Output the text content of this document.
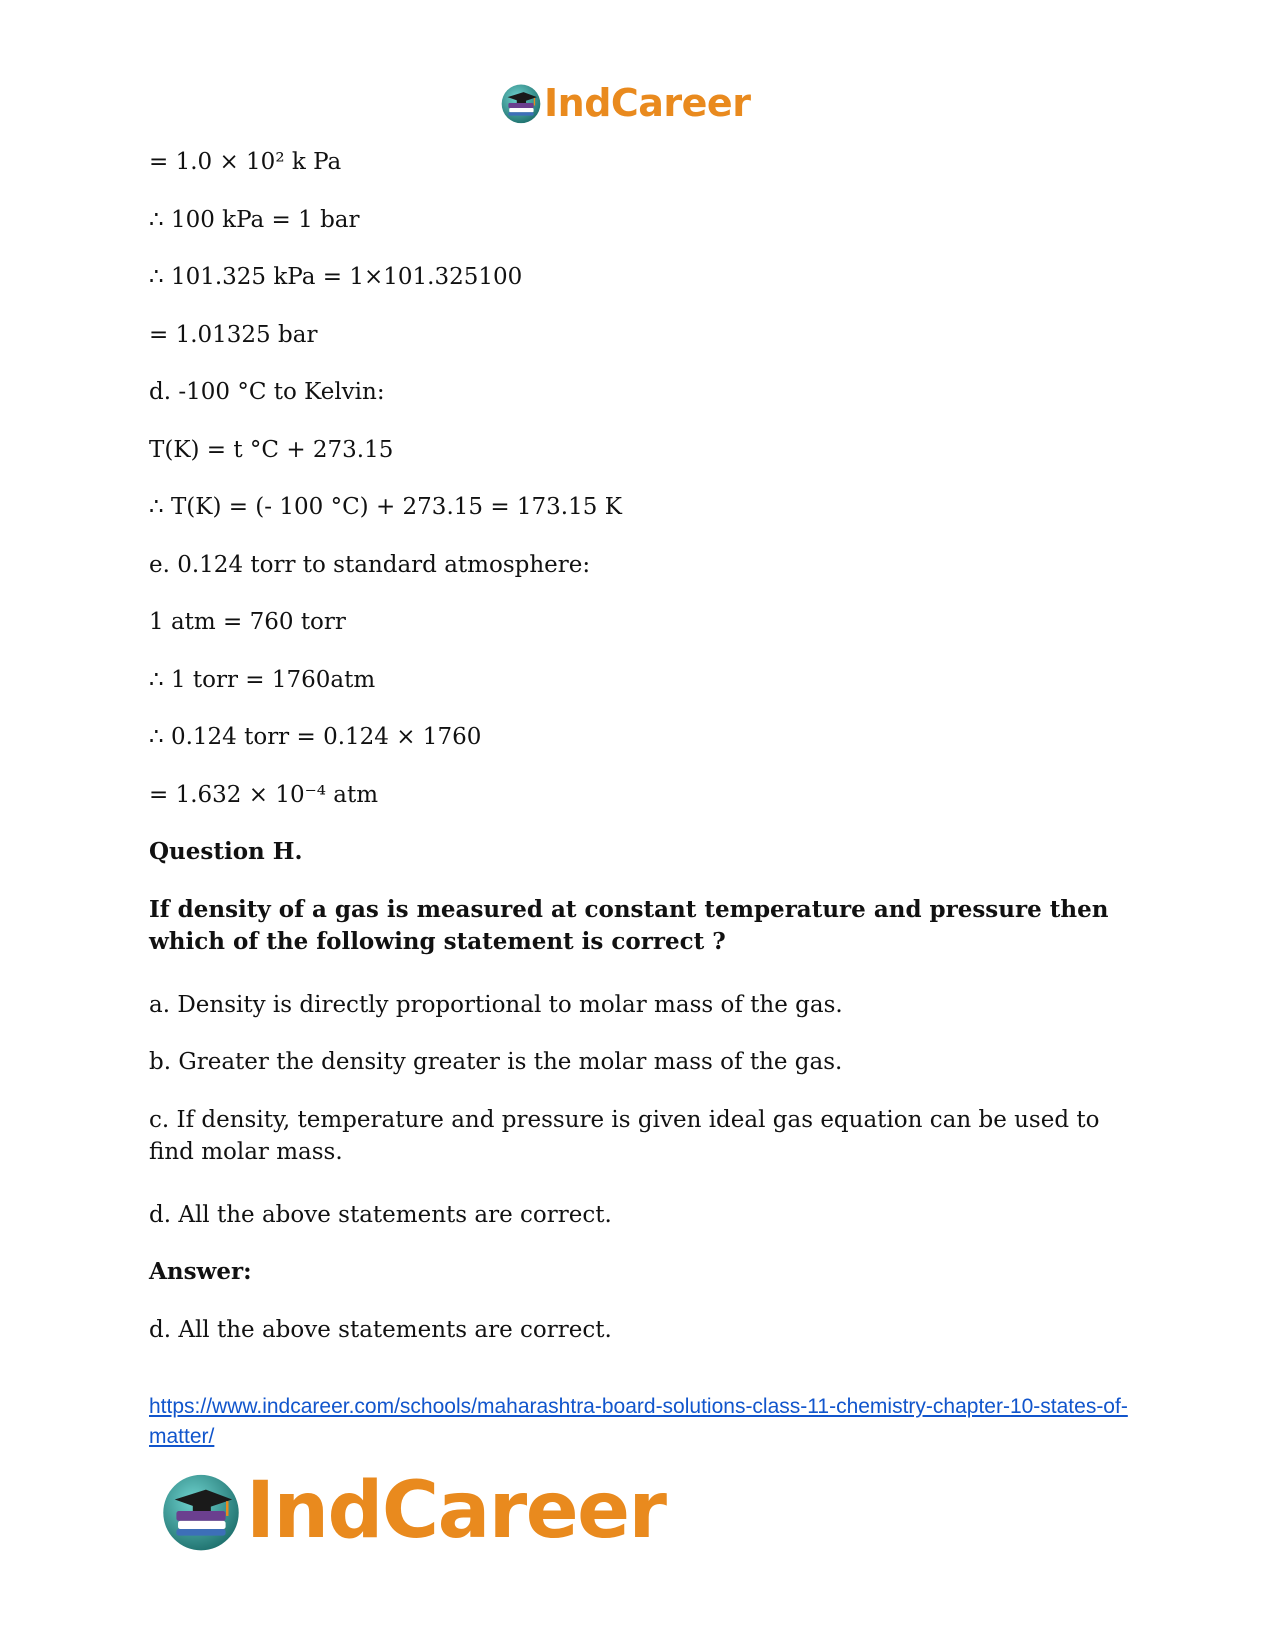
IndCareer

= 1.0 × 10² k Pa

∴ 100 kPa = 1 bar

∴ 101.325 kPa = 1×101.325100

= 1.01325 bar

d. -100 °C to Kelvin:

T(K) = t °C + 273.15

∴ T(K) = (- 100 °C) + 273.15 = 173.15 K

e. 0.124 torr to standard atmosphere:

1 atm = 760 torr

∴ 1 torr = 1760atm

∴ 0.124 torr = 0.124 × 1760

= 1.632 × 10⁻⁴ atm

Question H.

If density of a gas is measured at constant temperature and pressure then which of the following statement is correct ?

a. Density is directly proportional to molar mass of the gas.

b. Greater the density greater is the molar mass of the gas.

c. If density, temperature and pressure is given ideal gas equation can be used to find molar mass.

d. All the above statements are correct.

Answer:

d. All the above statements are correct.

https://www.indcareer.com/schools/maharashtra-board-solutions-class-11-chemistry-chapter-10-states-of-matter/
IndCareer
